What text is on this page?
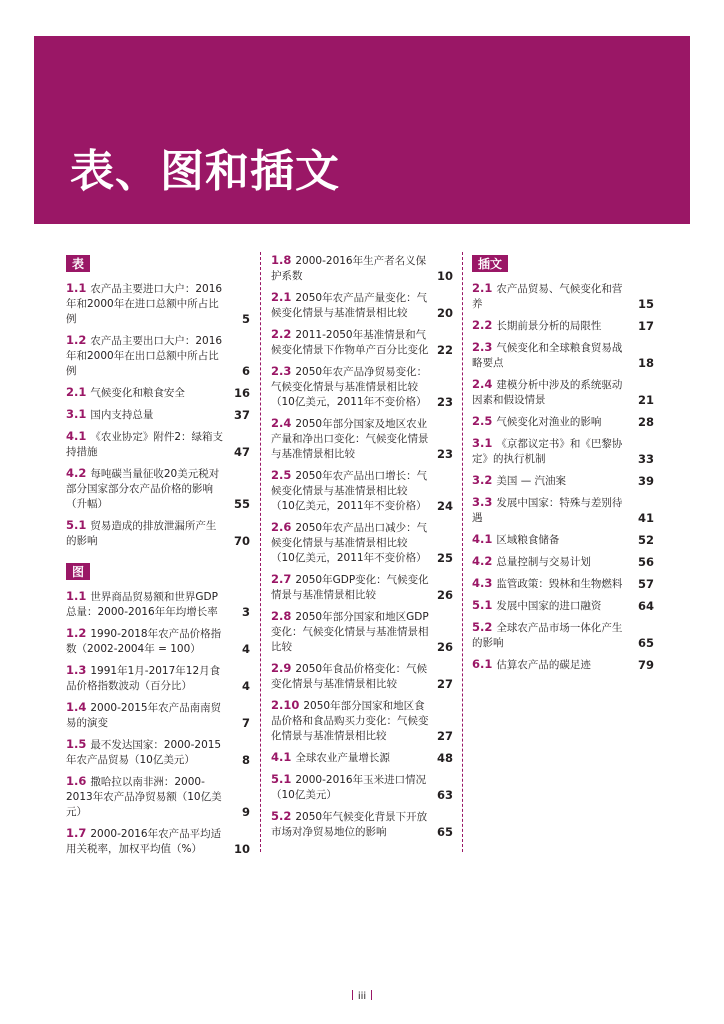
表、图和插文
表
1.1 农产品主要进口大户：2016年和2000年在进口总额中所占比例	5
1.2 农产品主要出口大户：2016年和2000年在出口总额中所占比例	6
2.1 气候变化和粮食安全	16
3.1 国内支持总量	37
4.1 《农业协定》附件2：绿箱支持措施	47
4.2 每吨碳当量征收20美元税对部分国家部分农产品价格的影响（升幅）	55
5.1 贸易造成的排放泄漏所产生的影响	70
图
1.1 世界商品贸易额和世界GDP总量：2000-2016年年均增长率 3
1.2 1990-2018年农产品价格指数（2002-2004年 = 100）	4
1.3 1991年1月-2017年12月食品价格指数波动（百分比）	4
1.4 2000-2015年农产品南南贸易的演变	7
1.5 最不发达国家：2000-2015年农产品贸易（10亿美元）	8
1.6 撒哈拉以南非洲：2000-2013年农产品净贸易额（10亿美元）	9
1.7 2000-2016年农产品平均适用关税率，加权平均值（%）	10
1.8 2000-2016年生产者名义保护系数	10
2.1 2050年农产品产量变化：气候变化情景与基准情景相比较	20
2.2 2011-2050年基准情景和气候变化情景下作物单产百分比变化 22
2.3 2050年农产品净贸易变化：气候变化情景与基准情景相比较（10亿美元，2011年不变价格） 23
2.4 2050年部分国家及地区农业产量和净出口变化：气候变化情景与基准情景相比较	23
2.5 2050年农产品出口增长：气候变化情景与基准情景相比较（10亿美元，2011年不变价格） 24
2.6 2050年农产品出口减少：气候变化情景与基准情景相比较（10亿美元，2011年不变价格） 25
2.7 2050年GDP变化：气候变化情景与基准情景相比较	26
2.8 2050年部分国家和地区GDP变化：气候变化情景与基准情景相比较	26
2.9 2050年食品价格变化：气候变化情景与基准情景相比较	27
2.10 2050年部分国家和地区食品价格和食品购买力变化：气候变化情景与基准情景相比较	27
4.1 全球农业产量增长源	48
5.1 2000-2016年玉米进口情况（10亿美元）	63
5.2 2050年气候变化背景下开放市场对净贸易地位的影响	65
插文
2.1 农产品贸易、气候变化和营养	15
2.2 长期前景分析的局限性	17
2.3 气候变化和全球粮食贸易战略要点	18
2.4 建模分析中涉及的系统驱动因素和假设情景	21
2.5 气候变化对渔业的影响	28
3.1 《京都议定书》和《巴黎协定》的执行机制	33
3.2 美国 — 汽油案	39
3.3 发展中国家：特殊与差别待遇	41
4.1 区域粮食储备	52
4.2 总量控制与交易计划	56
4.3 监管政策：毁林和生物燃料 57
5.1 发展中国家的进口融资	64
5.2 全球农产品市场一体化产生的影响	65
6.1 估算农产品的碳足迹	79
iii
